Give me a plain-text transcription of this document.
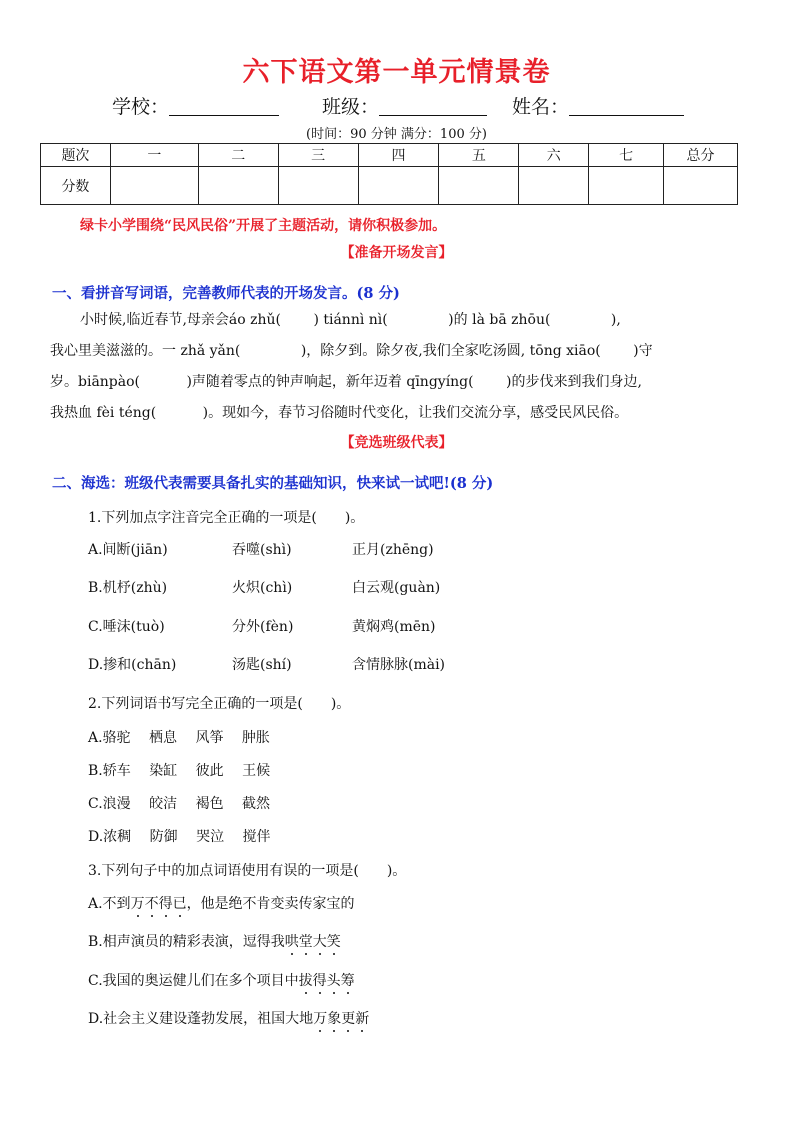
六下语文第一单元情景卷
学校：	班级：	姓名：
(时间：90 分钟 满分：100 分)
题次	一	二	三	四	五	六	七	总分
分数								
绿卡小学围绕“民风民俗”开展了主题活动，请你积极参加。
【准备开场发言】
一、看拼音写词语，完善教师代表的开场发言。(8 分)
小时候,临近春节,母亲会áo zhǔ(　　 ) tiánnì nì(　　　　 )的 là bā zhōu(　　　　 ),
我心里美滋滋的。一 zhǎ yǎn(　　　　 )，除夕到。除夕夜,我们全家吃汤圆, tōng xiāo(　　 )守
岁。biānpào(　　　 )声随着零点的钟声响起，新年迈着 qīngyíng(　　 )的步伐来到我们身边,
我热血 fèi téng(　　　 )。现如今，春节习俗随时代变化，让我们交流分享，感受民风民俗。
【竞选班级代表】
二、海选：班级代表需要具备扎实的基础知识，快来试一试吧!(8 分)
1.下列加点字注音完全正确的一项是(　　)。
A.间断(jiān)	吞噬(shì)	正月(zhēng)
B.机杼(zhù)	火炽(chì)	白云观(guàn)
C.唾沫(tuò)	分外(fèn)	黄焖鸡(mēn)
D.掺和(chān)	汤匙(shí)	含情脉脉(mài)
2.下列词语书写完全正确的一项是(　　)。
A.骆驼　 栖息　 风筝　 肿胀
B.轿车　 染缸　 彼此　 王候
C.浪漫　 皎洁　 褐色　 截然
D.浓稠　 防御　 哭泣　 搅伴
3.下列句子中的加点词语使用有误的一项是(　　)。
A.不到万不得已，他是绝不肯变卖传家宝的
B.相声演员的精彩表演，逗得我哄堂大笑
C.我国的奥运健儿们在多个项目中拔得头筹
D.社会主义建设蓬勃发展，祖国大地万象更新
